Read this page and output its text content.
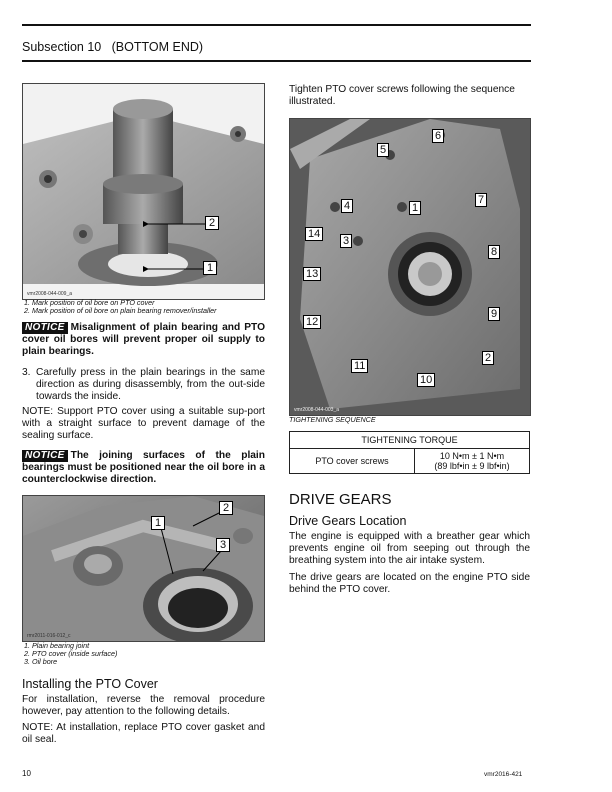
Subsection 10   (BOTTOM END)
2
1
vmr2008-044-009_a
1. Mark position of oil bore on PTO cover
2. Mark position of oil bore on plain bearing remover/installer
NOTICE Misalignment of plain bearing and PTO cover oil bores will prevent proper oil supply to plain bearings.
3. Carefully press in the plain bearings in the same direction as during disassembly, from the out-side towards the inside.
NOTE: Support PTO cover using a suitable sup-port with a straight surface to prevent damage of the sealing surface.
NOTICE The joining surfaces of the plain bearings must be positioned near the oil bore in a counterclockwise direction.
2
1
3
rmr2011-016-012_c
1. Plain bearing joint
2. PTO cover (inside surface)
3. Oil bore
Installing the PTO Cover
For installation, reverse the removal procedure however, pay attention to the following details.
NOTE: At installation, replace PTO cover gasket and oil seal.
Tighten PTO cover screws following the sequence illustrated.
5
6
4	1
7
14
3
8
13
9
12
2
11
10
vmr2008-044-003_a
TIGHTENING SEQUENCE
TIGHTENING TORQUE
PTO cover screws	10 N•m ± 1 N•m
(89 lbf•in ± 9 lbf•in)
DRIVE GEARS
Drive Gears Location
The engine is equipped with a breather gear which prevents engine oil from seeping out through the breathing system into the air intake system.
The drive gears are located on the engine PTO side behind the PTO cover.
10	vmr2016-421
